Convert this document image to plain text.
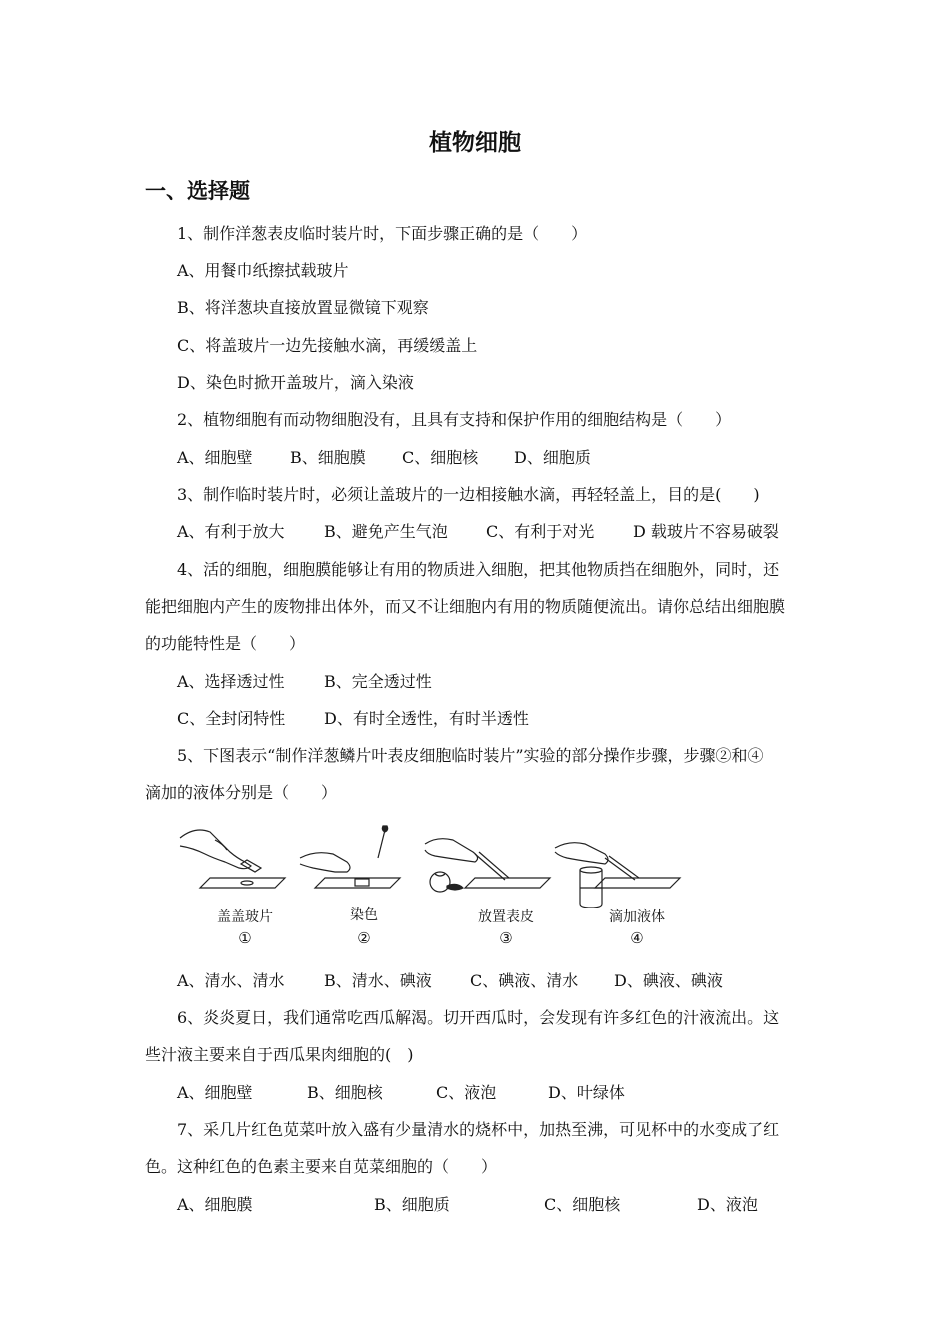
植物细胞
一、选择题
1、制作洋葱表皮临时装片时，下面步骤正确的是（　　）
A、用餐巾纸擦拭载玻片
B、将洋葱块直接放置显微镜下观察
C、将盖玻片一边先接触水滴，再缓缓盖上
D、染色时掀开盖玻片，滴入染液
2、植物细胞有而动物细胞没有，且具有支持和保护作用的细胞结构是（　　）
A、细胞壁 B、细胞膜 C、细胞核 D、细胞质
3、制作临时装片时，必须让盖玻片的一边相接触水滴，再轻轻盖上，目的是(　　)
A、有利于放大 B、避免产生气泡 C、有利于对光 D 载玻片不容易破裂
4、活的细胞，细胞膜能够让有用的物质进入细胞，把其他物质挡在细胞外，同时，还
能把细胞内产生的废物排出体外，而又不让细胞内有用的物质随便流出。请你总结出细胞膜
的功能特性是（　　）
A、选择透过性 B、完全透过性
C、全封闭特性 D、有时全透性，有时半透性
5、下图表示“制作洋葱鳞片叶表皮细胞临时装片”实验的部分操作步骤，步骤②和④
滴加的液体分别是（　　）
盖盖玻片
①
染色
②
放置表皮
③
滴加液体
④
A、清水、清水 B、清水、碘液 C、碘液、清水 D、碘液、碘液
6、炎炎夏日，我们通常吃西瓜解渴。切开西瓜时，会发现有许多红色的汁液流出。这
些汁液主要来自于西瓜果肉细胞的(　)
A、细胞壁	B、细胞核	C、液泡	D、叶绿体
7、采几片红色苋菜叶放入盛有少量清水的烧杯中，加热至沸，可见杯中的水变成了红
色。这种红色的色素主要来自苋菜细胞的（　　）
A、细胞膜	B、细胞质	C、细胞核	D、液泡
